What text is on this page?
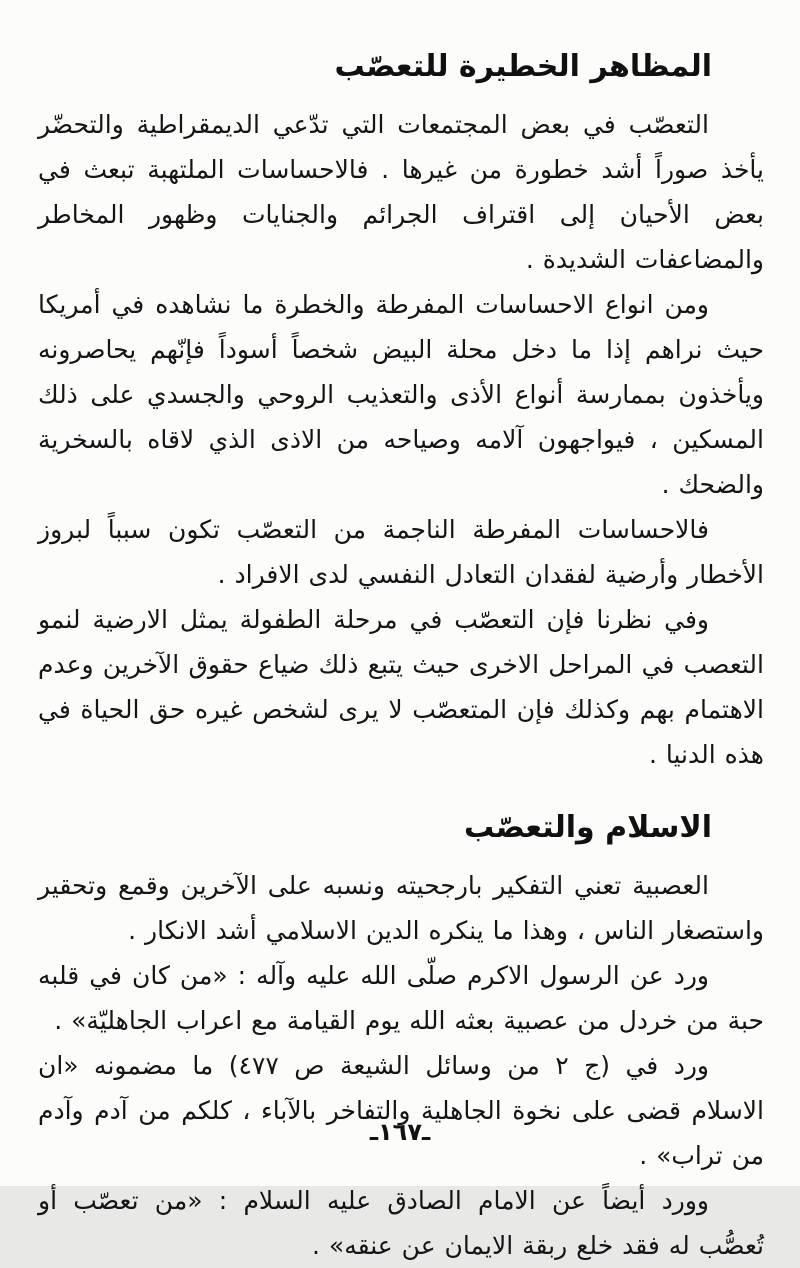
المظاهر الخطيرة للتعصّب

التعصّب في بعض المجتمعات التي تدّعي الديمقراطية والتحضّر يأخذ صوراً أشد خطورة من غيرها . فالاحساسات الملتهبة تبعث في بعض الأحيان إلى اقتراف الجرائم والجنايات وظهور المخاطر والمضاعفات الشديدة .

ومن انواع الاحساسات المفرطة والخطرة ما نشاهده في أمريكا حيث نراهم إذا ما دخل محلة البيض شخصاً أسوداً فإنّهم يحاصرونه ويأخذون بممارسة أنواع الأذى والتعذيب الروحي والجسدي على ذلك المسكين ، فيواجهون آلامه وصياحه من الاذى الذي لاقاه بالسخرية والضحك .

فالاحساسات المفرطة الناجمة من التعصّب تكون سبباً لبروز الأخطار وأرضية لفقدان التعادل النفسي لدى الافراد .

وفي نظرنا فإن التعصّب في مرحلة الطفولة يمثل الارضية لنمو التعصب في المراحل الاخرى حيث يتبع ذلك ضياع حقوق الآخرين وعدم الاهتمام بهم وكذلك فإن المتعصّب لا يرى لشخص غيره حق الحياة في هذه الدنيا .

الاسلام والتعصّب

العصبية تعني التفكير بارجحيته ونسبه على الآخرين وقمع وتحقير واستصغار الناس ، وهذا ما ينكره الدين الاسلامي أشد الانكار .

ورد عن الرسول الاكرم صلّى الله عليه وآله : «من كان في قلبه حبة من خردل من عصبية بعثه الله يوم القيامة مع اعراب الجاهليّة» .

ورد في (ج ٢ من وسائل الشيعة ص ٤٧٧) ما مضمونه «ان الاسلام قضى على نخوة الجاهلية والتفاخر بالآباء ، كلكم من آدم وآدم من تراب» .

وورد أيضاً عن الامام الصادق عليه السلام : «من تعصّب أو تُعصُّب له فقد خلع ربقة الايمان عن عنقه» .

ـ١٦٧ـ
